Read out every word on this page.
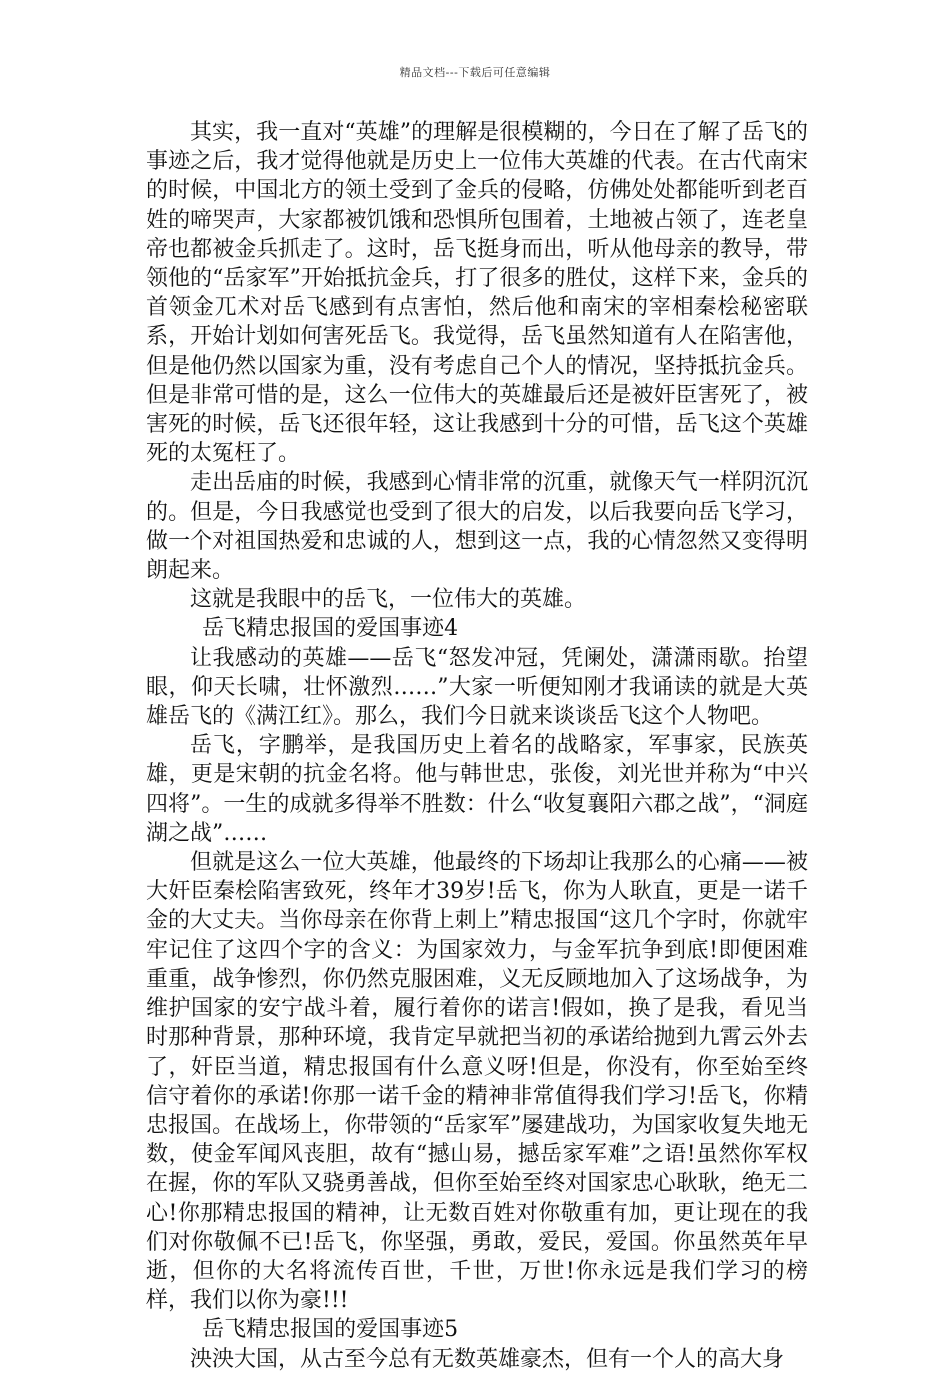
精品文档---下载后可任意编辑

其实，我一直对“英雄”的理解是很模糊的，今日在了解了岳飞的事迹之后，我才觉得他就是历史上一位伟大英雄的代表。在古代南宋的时候，中国北方的领土受到了金兵的侵略，仿佛处处都能听到老百姓的啼哭声，大家都被饥饿和恐惧所包围着，土地被占领了，连老皇帝也都被金兵抓走了。这时，岳飞挺身而出，听从他母亲的教导，带领他的“岳家军”开始抵抗金兵，打了很多的胜仗，这样下来，金兵的首领金兀术对岳飞感到有点害怕，然后他和南宋的宰相秦桧秘密联系，开始计划如何害死岳飞。我觉得，岳飞虽然知道有人在陷害他，但是他仍然以国家为重，没有考虑自己个人的情况，坚持抵抗金兵。但是非常可惜的是，这么一位伟大的英雄最后还是被奸臣害死了，被害死的时候，岳飞还很年轻，这让我感到十分的可惜，岳飞这个英雄死的太冤枉了。

走出岳庙的时候，我感到心情非常的沉重，就像天气一样阴沉沉的。但是，今日我感觉也受到了很大的启发，以后我要向岳飞学习，做一个对祖国热爱和忠诚的人，想到这一点，我的心情忽然又变得明朗起来。

这就是我眼中的岳飞，一位伟大的英雄。

岳飞精忠报国的爱国事迹4

让我感动的英雄——岳飞“怒发冲冠，凭阑处，潇潇雨歇。抬望眼，仰天长啸，壮怀激烈……”大家一听便知刚才我诵读的就是大英雄岳飞的《满江红》。那么，我们今日就来谈谈岳飞这个人物吧。

岳飞，字鹏举，是我国历史上着名的战略家，军事家，民族英雄，更是宋朝的抗金名将。他与韩世忠，张俊，刘光世并称为“中兴四将”。一生的成就多得举不胜数：什么“收复襄阳六郡之战”，“洞庭湖之战”……

但就是这么一位大英雄，他最终的下场却让我那么的心痛——被大奸臣秦桧陷害致死，终年才39岁!岳飞，你为人耿直，更是一诺千金的大丈夫。当你母亲在你背上刺上”精忠报国“这几个字时，你就牢牢记住了这四个字的含义：为国家效力，与金军抗争到底!即便困难重重，战争惨烈，你仍然克服困难，义无反顾地加入了这场战争，为维护国家的安宁战斗着，履行着你的诺言!假如，换了是我，看见当时那种背景，那种环境，我肯定早就把当初的承诺给抛到九霄云外去了，奸臣当道，精忠报国有什么意义呀!但是，你没有，你至始至终信守着你的承诺!你那一诺千金的精神非常值得我们学习!岳飞，你精忠报国。在战场上，你带领的“岳家军”屡建战功，为国家收复失地无数，使金军闻风丧胆，故有“撼山易，撼岳家军难”之语!虽然你军权在握，你的军队又骁勇善战，但你至始至终对国家忠心耿耿，绝无二心!你那精忠报国的精神，让无数百姓对你敬重有加，更让现在的我们对你敬佩不已!岳飞，你坚强，勇敢，爱民，爱国。你虽然英年早逝，但你的大名将流传百世，千世，万世!你永远是我们学习的榜样，我们以你为豪!!!

岳飞精忠报国的爱国事迹5

泱泱大国，从古至今总有无数英雄豪杰，但有一个人的高大身
